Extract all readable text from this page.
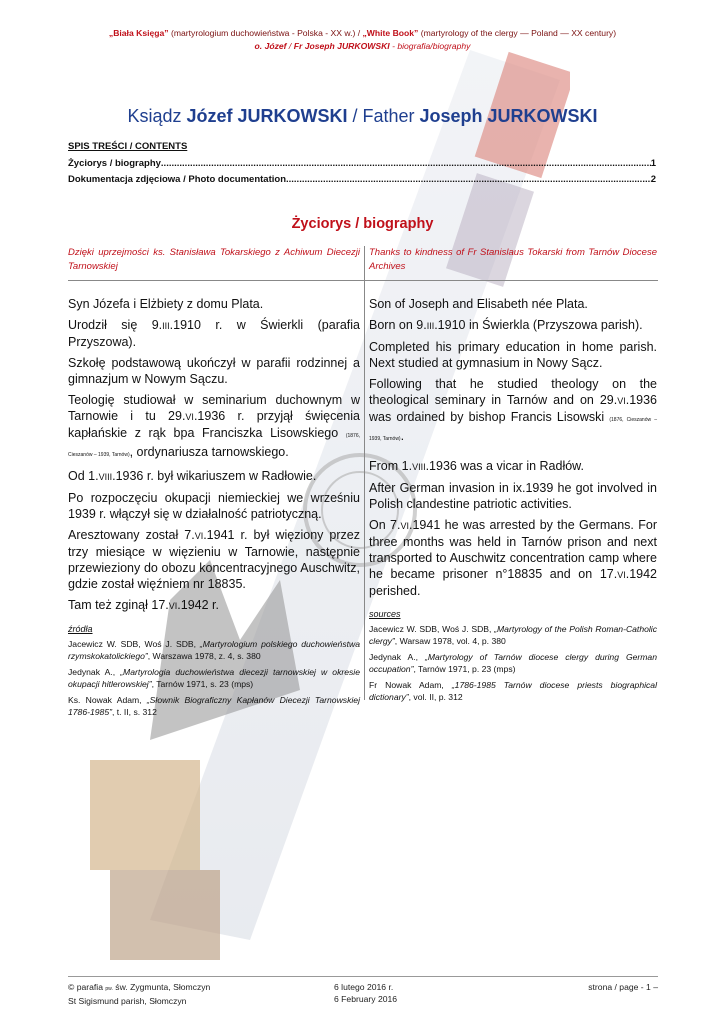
„Biała Księga” (martyrologium duchowieństwa - Polska - XX w.) / „White Book” (martyrology of the clergy — Poland — XX century)
o. Józef / Fr Joseph JURKOWSKI - biografia/biography
Ksiądz Józef JURKOWSKI / Father Joseph JURKOWSKI
SPIS TREŚCI / CONTENTS
Życiorys / biography .....	1
Dokumentacja zdjęciowa / Photo documentation .....	2
Życiorys / biography

Dzięki uprzejmości ks. Stanisława Tokarskiego z Achiwum Diecezji Tarnowskiej

Syn Józefa i Elżbiety z domu Plata.

Urodził się 9.III.1910 r. w Świerkli (parafia Przyszowa).

Szkołę podstawową ukończył w parafii rodzinnej a gimnazjum w Nowym Sączu.

Teologię studiował w seminarium duchownym w Tarnowie i tu 29.VI.1936 r. przyjął święcenia kapłańskie z rąk bpa Franciszka Lisowskiego (1876, Cieszanów – 1939, Tarnów), ordynariusza tarnowskiego.

Od 1.VIII.1936 r. był wikariuszem w Radłowie.

Po rozpoczęciu okupacji niemieckiej we wrześniu 1939 r. włączył się w działalność patriotyczną.

Aresztowany został 7.VI.1941 r. był więziony przez trzy miesiące w więzieniu w Tarnowie, następnie przewieziony do obozu koncentracyjnego Auschwitz, gdzie został więźniem nr 18835.

Tam też zginął 17.VI.1942 r.

źródła

Jacewicz W. SDB, Woś J. SDB, „Martyrologium polskiego duchowieństwa rzymskokatolickiego”, Warszawa 1978, z. 4, s. 380

Jedynak A., „Martyrologia duchowieństwa diecezji tarnowskiej w okresie okupacji hitlerowskiej”, Tarnów 1971, s. 23 (mps)

Ks. Nowak Adam, „Słownik Biograficzny Kapłanów Diecezji Tarnowskiej 1786-1985”, t. II, s. 312

Thanks to kindness of Fr Stanislaus Tokarski from Tarnów Diocese Archives

Son of Joseph and Elisabeth née Plata.

Born on 9.III.1910 in Świerkla (Przyszowa parish).

Completed his primary education in home parish. Next studied at gymnasium in Nowy Sącz.

Following that he studied theology on the theological seminary in Tarnów and on 29.VI.1936 was ordained by bishop Francis Lisowski (1876, Cieszanów – 1939, Tarnów).

From 1.VIII.1936 was a vicar in Radłów.

After German invasion in ix.1939 he got involved in Polish clandestine patriotic activities.

On 7.VI.1941 he was arrested by the Germans. For three months was held in Tarnów prison and next transported to Auschwitz concentration camp where he became prisoner n°18835 and on 17.VI.1942 perished.

sources

Jacewicz W. SDB, Woś J. SDB, „Martyrology of the Polish Roman-Catholic clergy”, Warsaw 1978, vol. 4, p. 380

Jedynak A., „Martyrology of Tarnów diocese clergy during German occupation”, Tarnów 1971, p. 23 (mps)

Fr Nowak Adam, „1786-1985 Tarnów diocese priests biographical dictionary”, vol. II, p. 312

© parafia pw. św. Zygmunta, Słomczyn
St Sigismund parish, Słomczyn
6 lutego 2016 r.
6 February 2016
strona / page - 1 –
